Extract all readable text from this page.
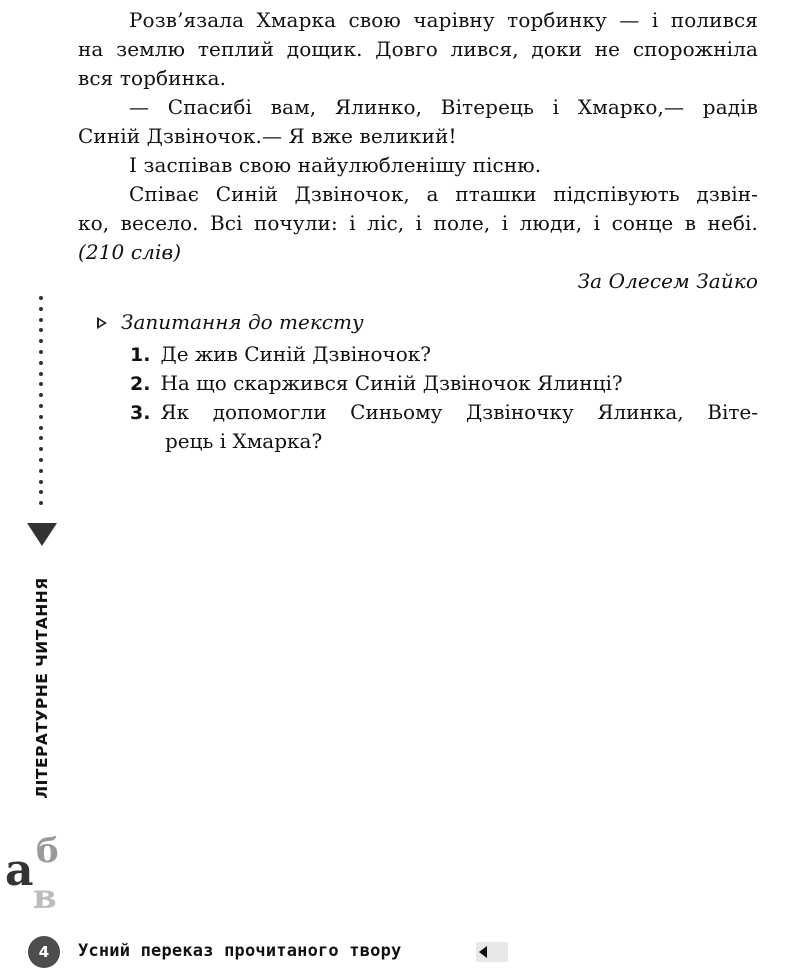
Розв’язала Хмарка свою чарівну торбинку — і полився
на землю теплий дощик. Довго лився, доки не спорожніла
вся торбинка.
— Спасибі вам, Ялинко, Вітерець і Хмарко,— радів
Синій Дзвіночок.— Я вже великий!
І заспівав свою найулюбленішу пісню.
Співає Синій Дзвіночок, а пташки підспівують дзвін-
ко, весело. Всі почули: і ліс, і поле, і люди, і сонце в небі.
(210 слів)
За Олесем Зайко
Запитання до тексту
1. Де жив Синій Дзвіночок?
2. На що скаржився Синій Дзвіночок Ялинці?
3. Як допомогли Синьому Дзвіночку Ялинка, Віте-
рець і Хмарка?
ЛІТЕРАТУРНЕ ЧИТАННЯ
б
а
в
4	Усний переказ прочитаного твору
